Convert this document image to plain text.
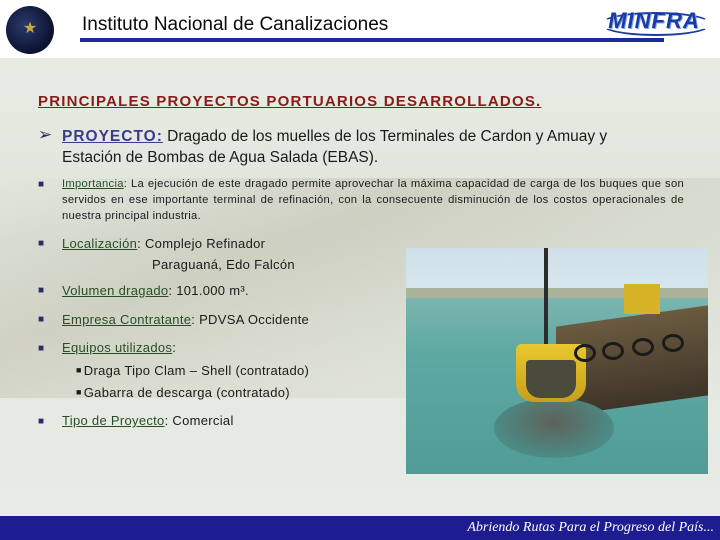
★ Instituto Nacional de Canalizaciones	MINFRA
PRINCIPALES PROYECTOS PORTUARIOS DESARROLLADOS.
➢ PROYECTO: Dragado de los muelles de los Terminales de Cardon y Amuay y
Estación de Bombas de Agua Salada (EBAS).
■ Importancia: La ejecución de este dragado permite aprovechar la máxima capacidad de carga de los buques que son servidos en ese importante terminal de refinación, con la consecuente disminución de los costos operacionales de nuestra principal industria.
■ Localización: Complejo Refinador
Paraguaná, Edo Falcón
■ Volumen dragado: 101.000 m³.
■ Empresa Contratante: PDVSA Occidente
■ Equipos utilizados:
■ Draga Tipo Clam – Shell (contratado)
■ Gabarra de descarga (contratado)
■ Tipo de Proyecto: Comercial
Abriendo Rutas Para el Progreso del País...
